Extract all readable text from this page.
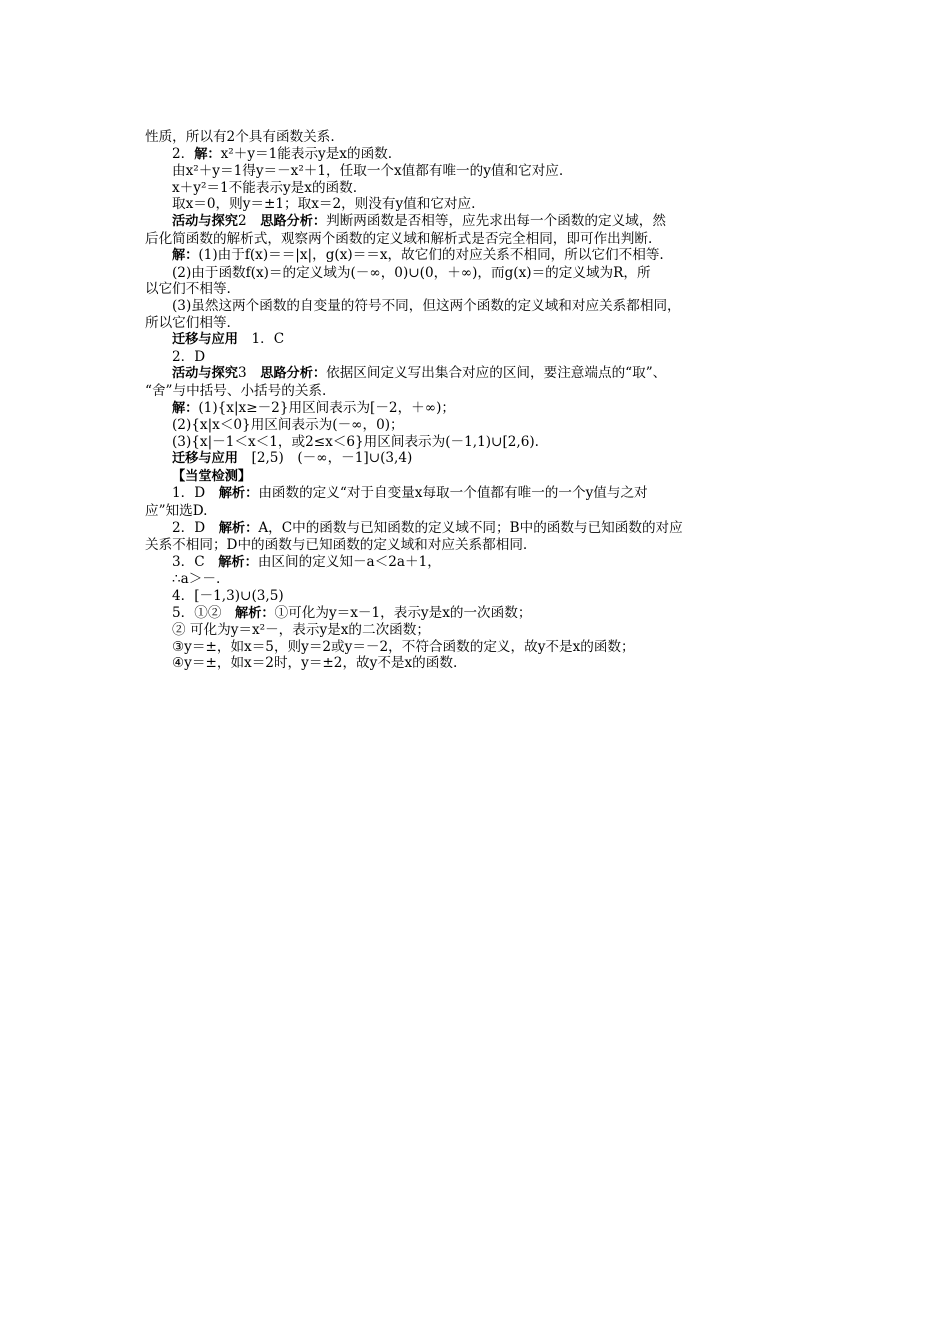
性质，所以有2个具有函数关系.
2．解：x²＋y＝1能表示y是x的函数.
由x²＋y＝1得y＝－x²＋1，任取一个x值都有唯一的y值和它对应.
x＋y²＝1不能表示y是x的函数.
取x＝0，则y＝±1；取x＝2，则没有y值和它对应.
活动与探究2　思路分析：判断两函数是否相等，应先求出每一个函数的定义域，然
后化简函数的解析式，观察两个函数的定义域和解析式是否完全相同，即可作出判断.
解：(1)由于f(x)＝＝|x|，g(x)＝＝x，故它们的对应关系不相同，所以它们不相等.
(2)由于函数f(x)＝的定义域为(－∞，0)∪(0，＋∞)，而g(x)＝的定义域为R，所
以它们不相等.
(3)虽然这两个函数的自变量的符号不同，但这两个函数的定义域和对应关系都相同，
所以它们相等.
迁移与应用　1．C
2．D
活动与探究3　思路分析：依据区间定义写出集合对应的区间，要注意端点的“取”、
“舍”与中括号、小括号的关系.
解：(1){x|x≥－2}用区间表示为[－2，＋∞)；
(2){x|x＜0}用区间表示为(－∞，0)；
(3){x|－1＜x＜1，或2≤x＜6}用区间表示为(－1,1)∪[2,6).
迁移与应用　[2,5)　(－∞，－1]∪(3,4)
【当堂检测】
1．D　解析：由函数的定义“对于自变量x每取一个值都有唯一的一个y值与之对
应”知选D.
2．D　解析：A，C中的函数与已知函数的定义域不同；B中的函数与已知函数的对应
关系不相同；D中的函数与已知函数的定义域和对应关系都相同.
3．C　解析：由区间的定义知－a＜2a＋1，
∴a＞－.
4．[－1,3)∪(3,5)
5．①②　解析：①可化为y＝x－1，表示y是x的一次函数；
② 可化为y＝x²－，表示y是x的二次函数；
③y＝±，如x＝5，则y＝2或y＝－2，不符合函数的定义，故y不是x的函数；
④y＝±，如x＝2时，y＝±2，故y不是x的函数.
